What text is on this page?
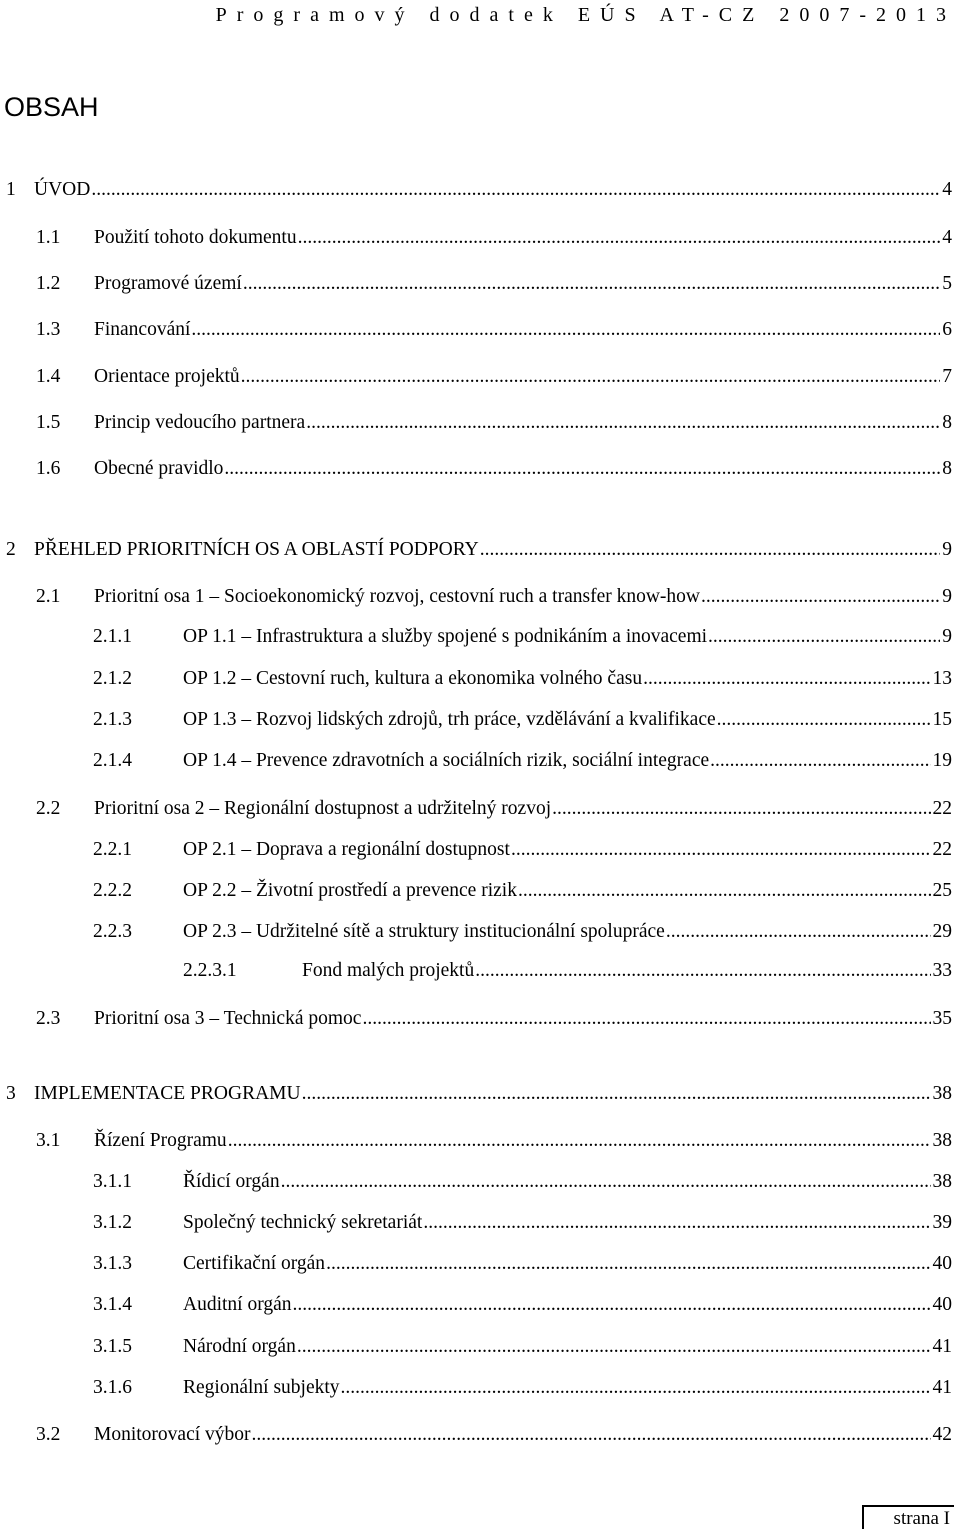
Programový dodatek EÚS AT-CZ 2007-2013
OBSAH
1 ÚVOD .....	4
1.1	Použití tohoto dokumentu .....	4
1.2	Programové území .....	5
1.3	Financování .....	6
1.4	Orientace projektů .....	7
1.5	Princip vedoucího partnera .....	8
1.6	Obecné pravidlo .....	8
2 PŘEHLED PRIORITNÍCH OS A OBLASTÍ PODPORY .....	9
2.1	Prioritní osa 1 – Socioekonomický rozvoj, cestovní ruch a transfer know-how .....	9
2.1.1	OP 1.1 – Infrastruktura a služby spojené s podnikáním a inovacemi .....	9
2.1.2	OP 1.2 – Cestovní ruch, kultura a ekonomika volného času .....	13
2.1.3	OP 1.3 – Rozvoj lidských zdrojů, trh práce, vzdělávání a kvalifikace .....	15
2.1.4	OP 1.4 – Prevence zdravotních a sociálních rizik, sociální integrace .....	19
2.2	Prioritní osa 2 – Regionální dostupnost a udržitelný rozvoj .....	22
2.2.1	OP 2.1 – Doprava a regionální dostupnost .....	22
2.2.2	OP 2.2 – Životní prostředí a prevence rizik .....	25
2.2.3	OP 2.3 – Udržitelné sítě a struktury institucionální spolupráce .....	29
2.2.3.1	Fond malých projektů .....	33
2.3	Prioritní osa 3 – Technická pomoc .....	35
3 IMPLEMENTACE PROGRAMU .....	38
3.1	Řízení Programu .....	38
3.1.1	Řídicí orgán .....	38
3.1.2	Společný technický sekretariát .....	39
3.1.3	Certifikační orgán .....	40
3.1.4	Auditní orgán .....	40
3.1.5	Národní orgán .....	41
3.1.6	Regionální subjekty .....	41
3.2	Monitorovací výbor .....	42
strana I
